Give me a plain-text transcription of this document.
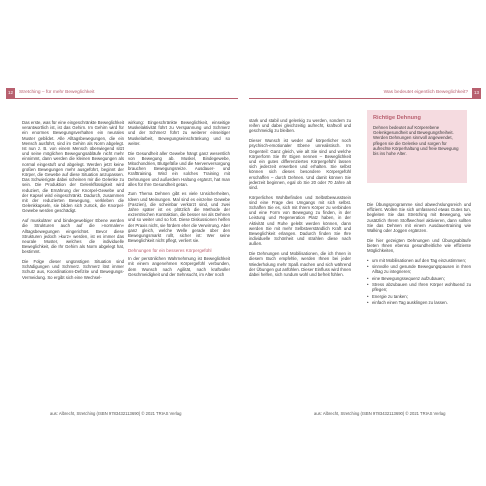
12	Stretching – für mehr Beweglichkeit

Das erste, was für eine eingeschränkte Beweglichkeit verantwortlich ist, ist das Gehirn. Im Gehirn wird für ein enormes Bewegungsverhalten ein neurales Muster gebildet. Alle Alltagsbewegungen, die ein Mensch ausführt, sind im Gehirn als Norm abgelegt. Ist nun z. B. von einem Mensch überwiegend sitzt und seine möglichen Bewegungsabläufe nicht mehr einnimmt, dann werden die kleinen Bewegungen als normal eingestuft und abgelegt. Werden jetzt keine großen Bewegungen mehr ausgeführt, beginnt der Körper, die Gewebe auf diese Situation anzupassen. Das Schwierigste dabei scheinen mir die Gelenke zu sein. Die Produktion der Gelenkflüssigkeit wird reduziert, die Ernährung der Knorpel-Gewebe und der Kapsel wird eingeschränkt. Dadurch, zusammen mit der reduzierten Bewegung, verkleben die Gelenkkapseln, sie bilden sich zurück, die Knorpel-Gewebe werden geschädigt.

Auf muskulärer und bindegewebiger Ebene werden die Strukturen auch auf die »normalen« Alltagsbewegungen eingerichtet. Bevor diese Strukturen jedoch »kurz« werden, ist es immer das neurale Muster, welches die individuelle Beweglichkeit, die Ihr Gehirn als Norm abgelegt hat, bestimmt.

Die Folge dieser ungünstigen Situation sind Schädigungen und Schmerz. Schmerz löst immer Schutz aus, Koordinations-Defizite und Bewegungs-Vermeidung. So ergibt sich eine Wechsel-

wirkung: Eingeschränkte Beweglichkeit, einseitige Muskelaktivität führt zu Verspannung und Schmerz und der Schmerz führt zu weiterer einseitiger Muskelarbeit, Bewegungseinschränkung und so weiter.

Die Gesundheit aller Gewebe hängt ganz wesentlich von Bewegung ab. Muskel, Bindegewebe, Mitochondrien, Blutgefäße und die Nervenversorgung brauchen Bewegungsreize. Ausdauer- und Krafttraining. Wird ein solches Training mit Dehnungen und außerdem Haltung ergänzt, hat man alles für Ihre Gesundheit getan.

Zum Thema Dehnen gibt es viele Unsicherheiten, Ideen und Meinungen. Mal sind es einzelne Gewebe (Faszien), die scheinbar verkürzt sind, und zwei Jahre später ist es plötzlich die Methode der exzentrischen Kontraktion, die besser sei als Dehnen und so weiter und so fort. Diese Diskussionen helfen der Praxis nicht, sie fördern eher die Verwirrung. Aber ganz gleich, welche Welle gerade über den Bewegungsmarkt rollt, sicher ist: Wer seine Beweglichkeit nicht pflegt, verliert sie.

Dehnungen für ein besseres Körpergefühl

In der persönlichen Wahrnehmung ist Beweglichkeit mit einem angenehmen Körpergefühl verbunden, dem Wunsch nach Agilität, nach kraftvoller Geschmeidigkeit und der Sehnsucht, im Alter noch

aus: Albrecht, Stretching (ISBN 9783432113690) © 2021 TRIAS Verlag
Was bedeutet eigentlich Beweglichkeit?	13

stark und stabil und gelenkig zu werden, sondern zu reifen und dabei gleichzeitig aufrecht, kraftvoll und geschmeidig zu bleiben.

Dieser Wunsch ist weder auf körperlicher noch psychisch-emotionaler Ebene unrealistisch. Im Gegenteil: Ganz gleich, wie alt Sie sind und welche Körperform Sie Ihr Eigen nennen – Beweglichkeit und ein gutes differenziertes Körpergefühl lassen sich jederzeit erwerben und erhalten. Sie selbst können sich dieses besondere Körpergefühl erschaffen – durch Dehnen. Und damit können Sie jederzeit beginnen, egal ob Sie 20 oder 70 Jahre alt sind.

Körperliches Wohlbefinden und Selbstbewusstsein sind eine Frage des Umgangs mit sich selbst. Schaffen Sie es, sich mit Ihrem Körper zu verbinden und eine Form von Bewegung zu finden, in der Leistung und Regeneration Platz haben, in der Aktivität und Ruhe gelebt werden können, dann werden Sie mit mehr Selbstverständlich Kraft und Beweglichkeit erlangen. Dadurch finden Sie Ihre individuelle Schönheit und strahlen diese nach außen.

Die Dehnungen und Mobilisationen, die ich Ihnen in diesem Buch empfehle, werden Ihnen bei jeder Wiederholung mehr Spaß machen und sich während der Übungen gut anfühlen. Dieser Einfluss wird Ihnen dabei helfen, sich rundum wohl und befreit fühlen.

Richtige Dehnung
Dehnen bedeutet auf Körperebene Gelenkgesundheit und Bewegungsfreiheit. Werden Dehnungen sinnvoll angewendet, pflegen sie die Gelenke und sorgen für aufrechte Körperhaltung und freie Bewegung bis ins hohe Alter.

Die Übungsprogramme sind abwechslungsreich und effizient. Wollen Sie sich umfassend etwas Gutes tun, begleiten Sie das Stretching mit Bewegung, wie zusätzlich Ihrem Stoffwechsel aktivieren, dann sollten Sie das Dehnen mit einem Ausdauertraining wie Walking oder Joggen ergänzen.

Die hier gezeigten Dehnungen und Übungsabläufe bieten Ihnen ebenso gesundheitliche wie effiziente Möglichkeiten,

• um mit Mobilisationen auf den Tag einzustimmen;
• sinnvolle und gesunde Bewegungspausen in Ihren Alltag zu integrieren;
• eine Bewegungssequenz aufzubauen;
• Stress abzubauen und Ihren Körper wohltuend zu pflegen;
• Energie zu tanken;
• einfach einen Tag ausklingen zu lassen.
aus: Albrecht, Stretching (ISBN 9783432113690) © 2021 TRIAS Verlag
